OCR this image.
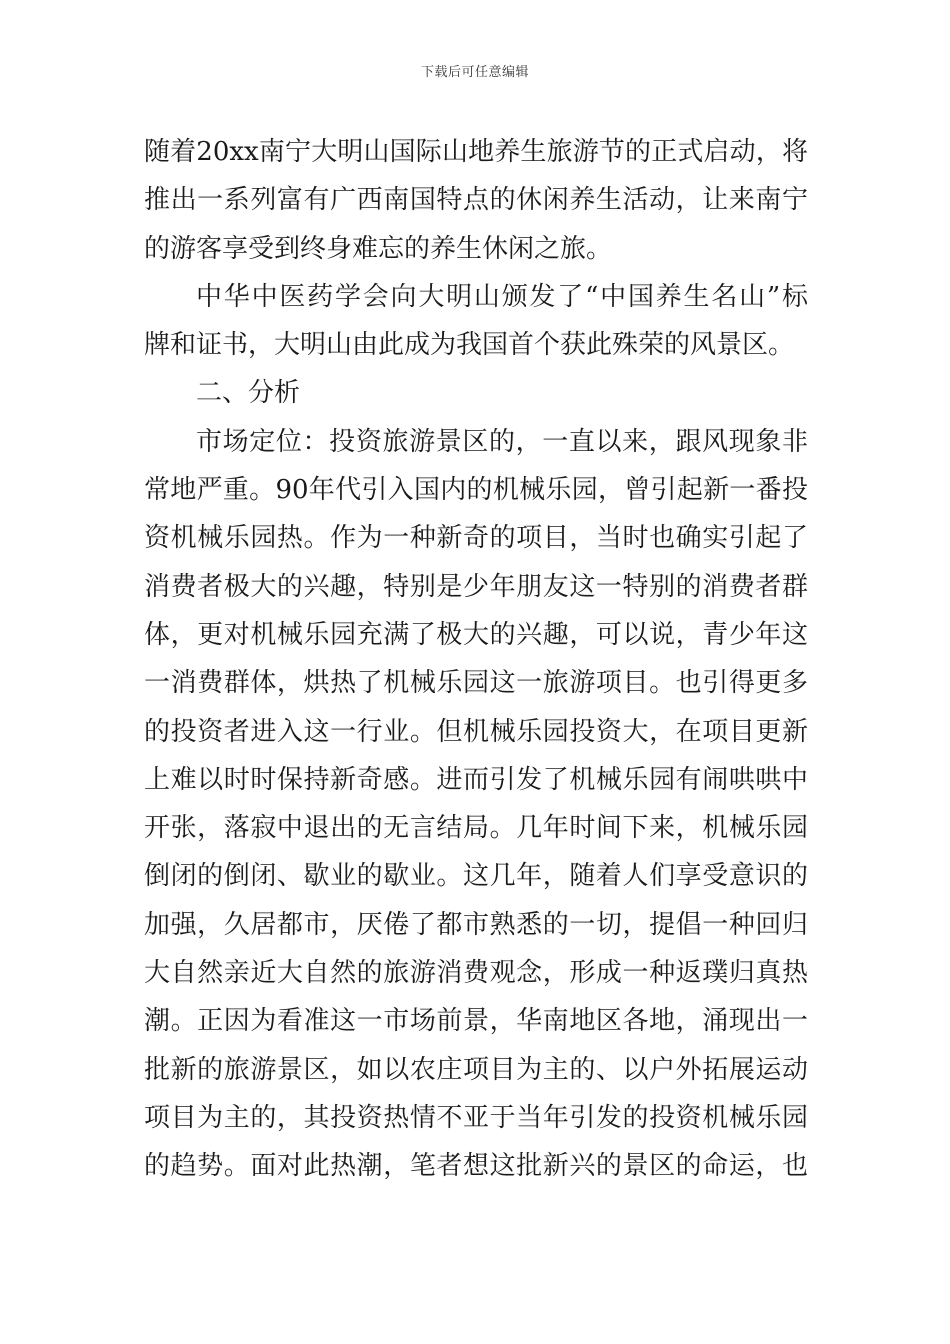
下载后可任意编辑
随着20xx南宁大明山国际山地养生旅游节的正式启动，将
推出一系列富有广西南国特点的休闲养生活动，让来南宁
的游客享受到终身难忘的养生休闲之旅。
中华中医药学会向大明山颁发了“中国养生名山”标
牌和证书，大明山由此成为我国首个获此殊荣的风景区。
二、分析
市场定位：投资旅游景区的，一直以来，跟风现象非
常地严重。90年代引入国内的机械乐园，曾引起新一番投
资机械乐园热。作为一种新奇的项目，当时也确实引起了
消费者极大的兴趣，特别是少年朋友这一特别的消费者群
体，更对机械乐园充满了极大的兴趣，可以说，青少年这
一消费群体，烘热了机械乐园这一旅游项目。也引得更多
的投资者进入这一行业。但机械乐园投资大，在项目更新
上难以时时保持新奇感。进而引发了机械乐园有闹哄哄中
开张，落寂中退出的无言结局。几年时间下来，机械乐园
倒闭的倒闭、歇业的歇业。这几年，随着人们享受意识的
加强，久居都市，厌倦了都市熟悉的一切，提倡一种回归
大自然亲近大自然的旅游消费观念，形成一种返璞归真热
潮。正因为看准这一市场前景，华南地区各地，涌现出一
批新的旅游景区，如以农庄项目为主的、以户外拓展运动
项目为主的，其投资热情不亚于当年引发的投资机械乐园
的趋势。面对此热潮，笔者想这批新兴的景区的命运，也
